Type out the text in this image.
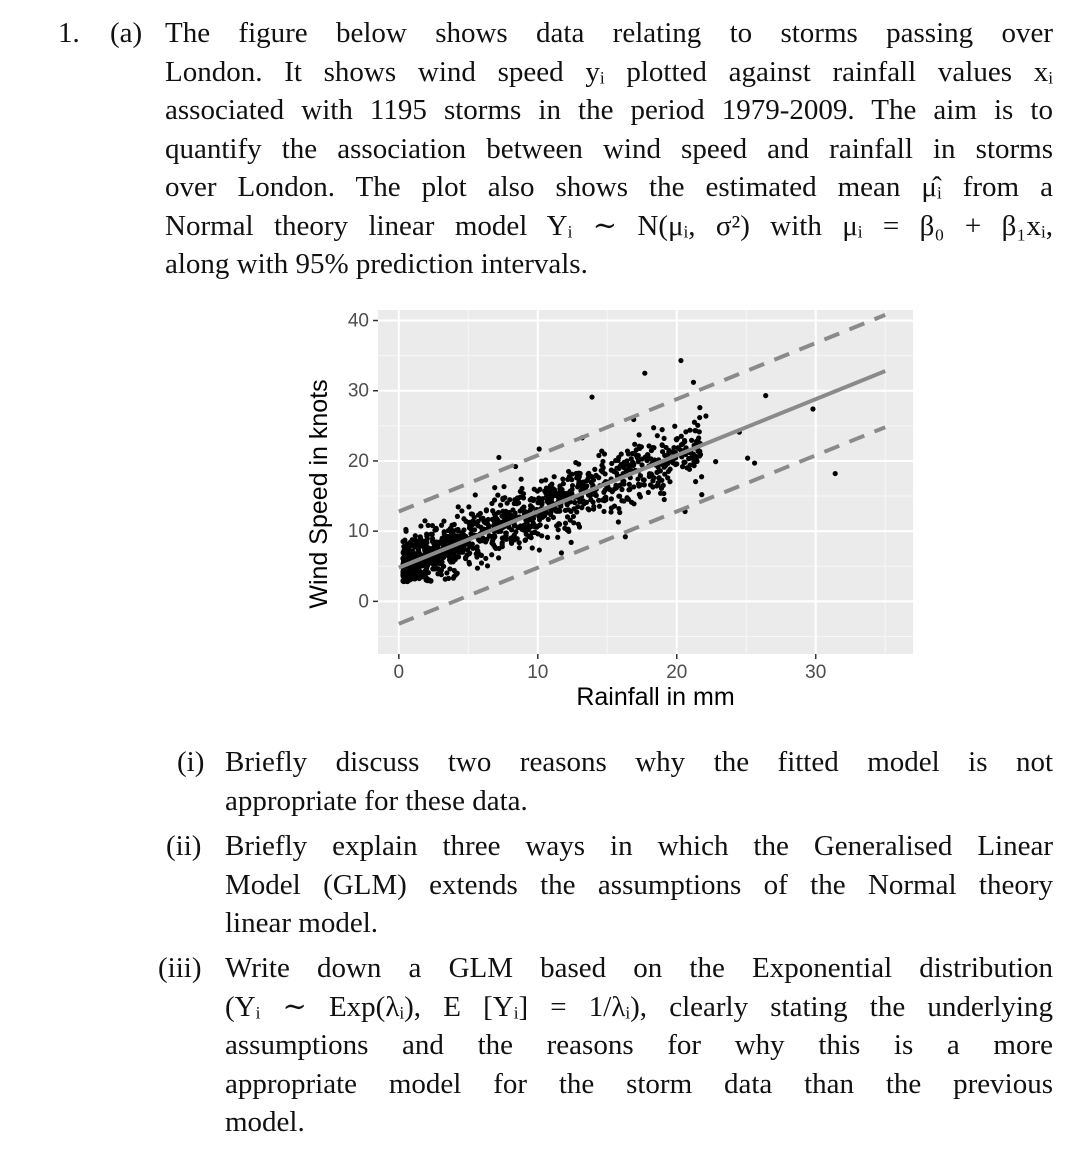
1. (a) The figure below shows data relating to storms passing over
London. It shows wind speed yᵢ plotted against rainfall values xᵢ
associated with 1195 storms in the period 1979-2009. The aim is to
quantify the association between wind speed and rainfall in storms
over London. The plot also shows the estimated mean μ̂ᵢ from a
Normal theory linear model Yᵢ ∼ N(μᵢ, σ²) with μᵢ = β₀ + β₁xᵢ,
along with 95% prediction intervals.
0	10	20	30
0
10
20
30
40
Rainfall in mm
Wind Speed in knots
(i) Briefly discuss two reasons why the fitted model is not
appropriate for these data.
(ii) Briefly explain three ways in which the Generalised Linear
Model (GLM) extends the assumptions of the Normal theory
linear model.
(iii) Write down a GLM based on the Exponential distribution
(Yᵢ ∼ Exp(λᵢ), E [Yᵢ] = 1/λᵢ), clearly stating the underlying
assumptions and the reasons for why this is a more
appropriate model for the storm data than the previous
model.
